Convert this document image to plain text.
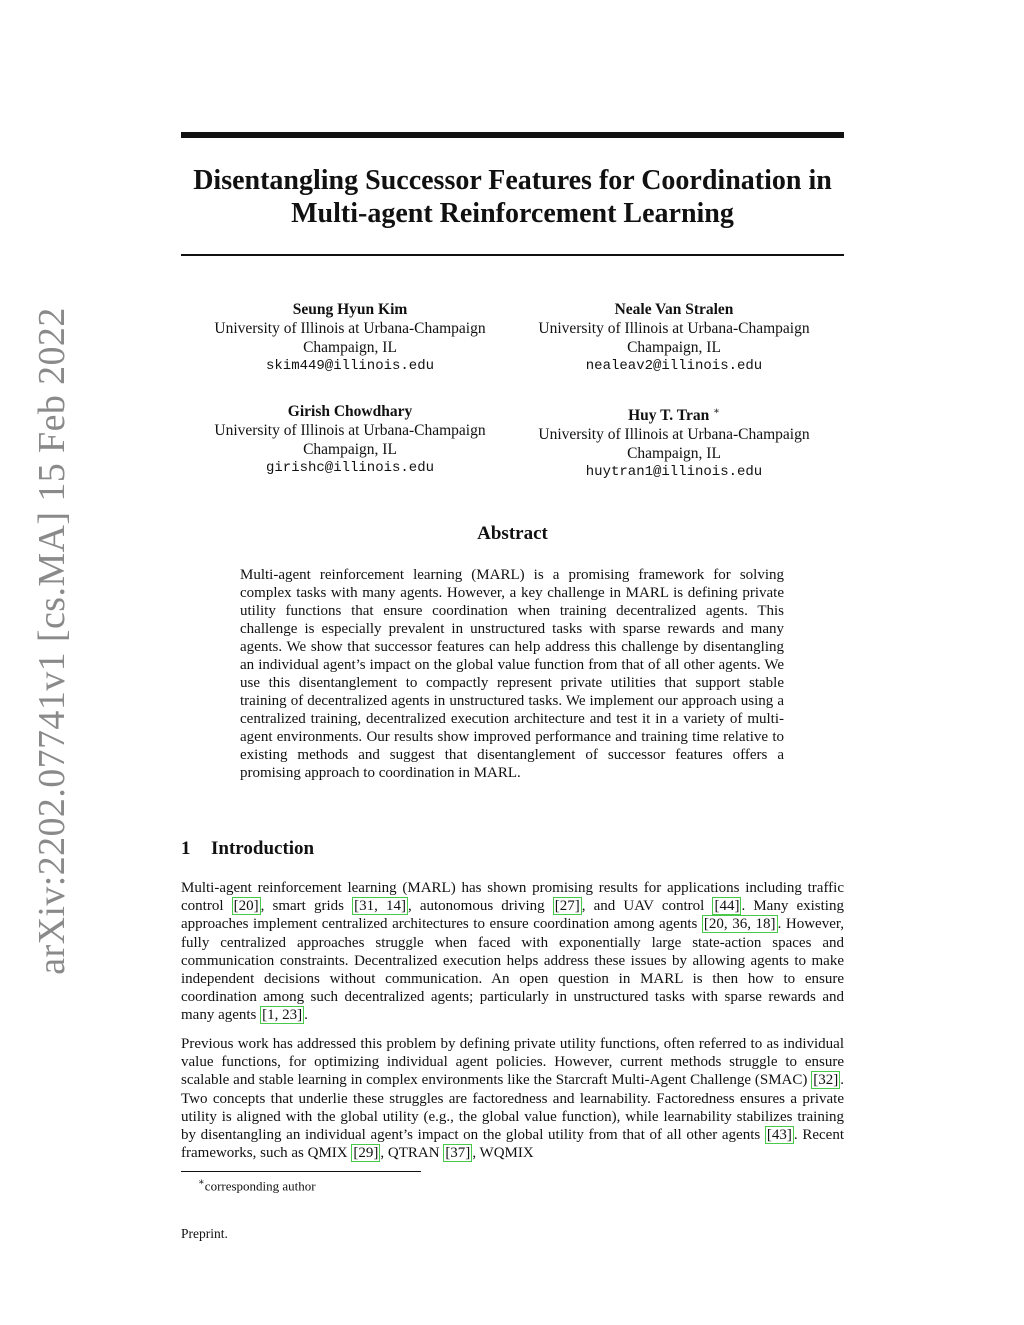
arXiv:2202.07741v1 [cs.MA] 15 Feb 2022
Disentangling Successor Features for Coordination in Multi-agent Reinforcement Learning
Seung Hyun Kim
University of Illinois at Urbana-Champaign
Champaign, IL
skim449@illinois.edu
Neale Van Stralen
University of Illinois at Urbana-Champaign
Champaign, IL
nealeav2@illinois.edu
Girish Chowdhary
University of Illinois at Urbana-Champaign
Champaign, IL
girishc@illinois.edu
Huy T. Tran ∗
University of Illinois at Urbana-Champaign
Champaign, IL
huytran1@illinois.edu
Abstract

Multi-agent reinforcement learning (MARL) is a promising framework for solving complex tasks with many agents. However, a key challenge in MARL is defining private utility functions that ensure coordination when training decentralized agents. This challenge is especially prevalent in unstructured tasks with sparse rewards and many agents. We show that successor features can help address this challenge by disentangling an individual agent’s impact on the global value function from that of all other agents. We use this disentanglement to compactly represent private utilities that support stable training of decentralized agents in unstructured tasks. We implement our approach using a centralized training, decentralized execution architecture and test it in a variety of multi-agent environments. Our results show improved performance and training time relative to existing methods and suggest that disentanglement of successor features offers a promising approach to coordination in MARL.

1 Introduction

Multi-agent reinforcement learning (MARL) has shown promising results for applications including traffic control [20] , smart grids [31, 14] , autonomous driving [27] , and UAV control [44] . Many existing approaches implement centralized architectures to ensure coordination among agents [20, 36, 18] . However, fully centralized approaches struggle when faced with exponentially large state-action spaces and communication constraints. Decentralized execution helps address these issues by allowing agents to make independent decisions without communication. An open question in MARL is then how to ensure coordination among such decentralized agents; particularly in unstructured tasks with sparse rewards and many agents [1, 23] .

Previous work has addressed this problem by defining private utility functions, often referred to as individual value functions, for optimizing individual agent policies. However, current methods struggle to ensure scalable and stable learning in complex environments like the Starcraft Multi-Agent Challenge (SMAC) [32] . Two concepts that underlie these struggles are factoredness and learnability. Factoredness ensures a private utility is aligned with the global utility (e.g., the global value function), while learnability stabilizes training by disentangling an individual agent’s impact on the global utility from that of all other agents [43] . Recent frameworks, such as QMIX [29] , QTRAN [37] , WQMIX

∗corresponding author

Preprint.
